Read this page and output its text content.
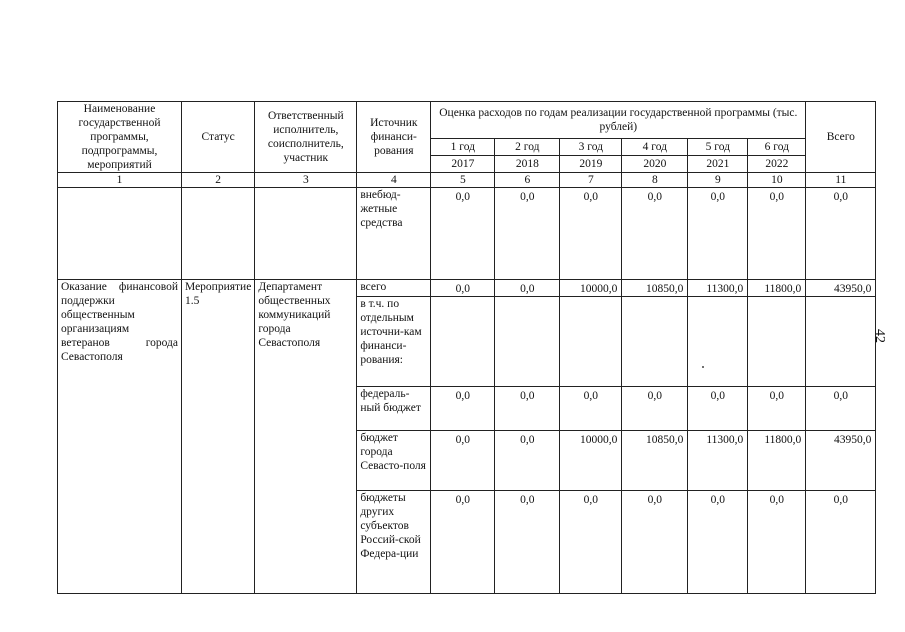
Наименование государственной программы, подпрограммы, мероприятий	Статус	Ответственный исполнитель, соисполнитель, участник	Источник финанси-рования	Оценка расходов по годам реализации государственной программы (тыс. рублей)						Всего
				1 год	2 год	3 год	4 год	5 год	6 год	
				2017	2018	2019	2020	2021	2022	
1	2	3	4	5	6	7	8	9	10	11
			внебюд-жетные средства	0,0	0,0	0,0	0,0	0,0	0,0	0,0
Оказание финансовой поддержки общественным организациям ветеранов города Севастополя	Мероприятие 1.5	Департамент общественных коммуникаций города Севастополя	всего	0,0	0,0	10000,0	10850,0	11300,0	11800,0	43950,0
			в т.ч. по отдельным источни-кам финанси-рования:							
			федераль-ный бюджет	0,0	0,0	0,0	0,0	0,0	0,0	0,0
			бюджет города Севасто-поля	0,0	0,0	10000,0	10850,0	11300,0	11800,0	43950,0
			бюджеты других субъектов Россий-ской Федера-ции	0,0	0,0	0,0	0,0	0,0	0,0	0,0
42
